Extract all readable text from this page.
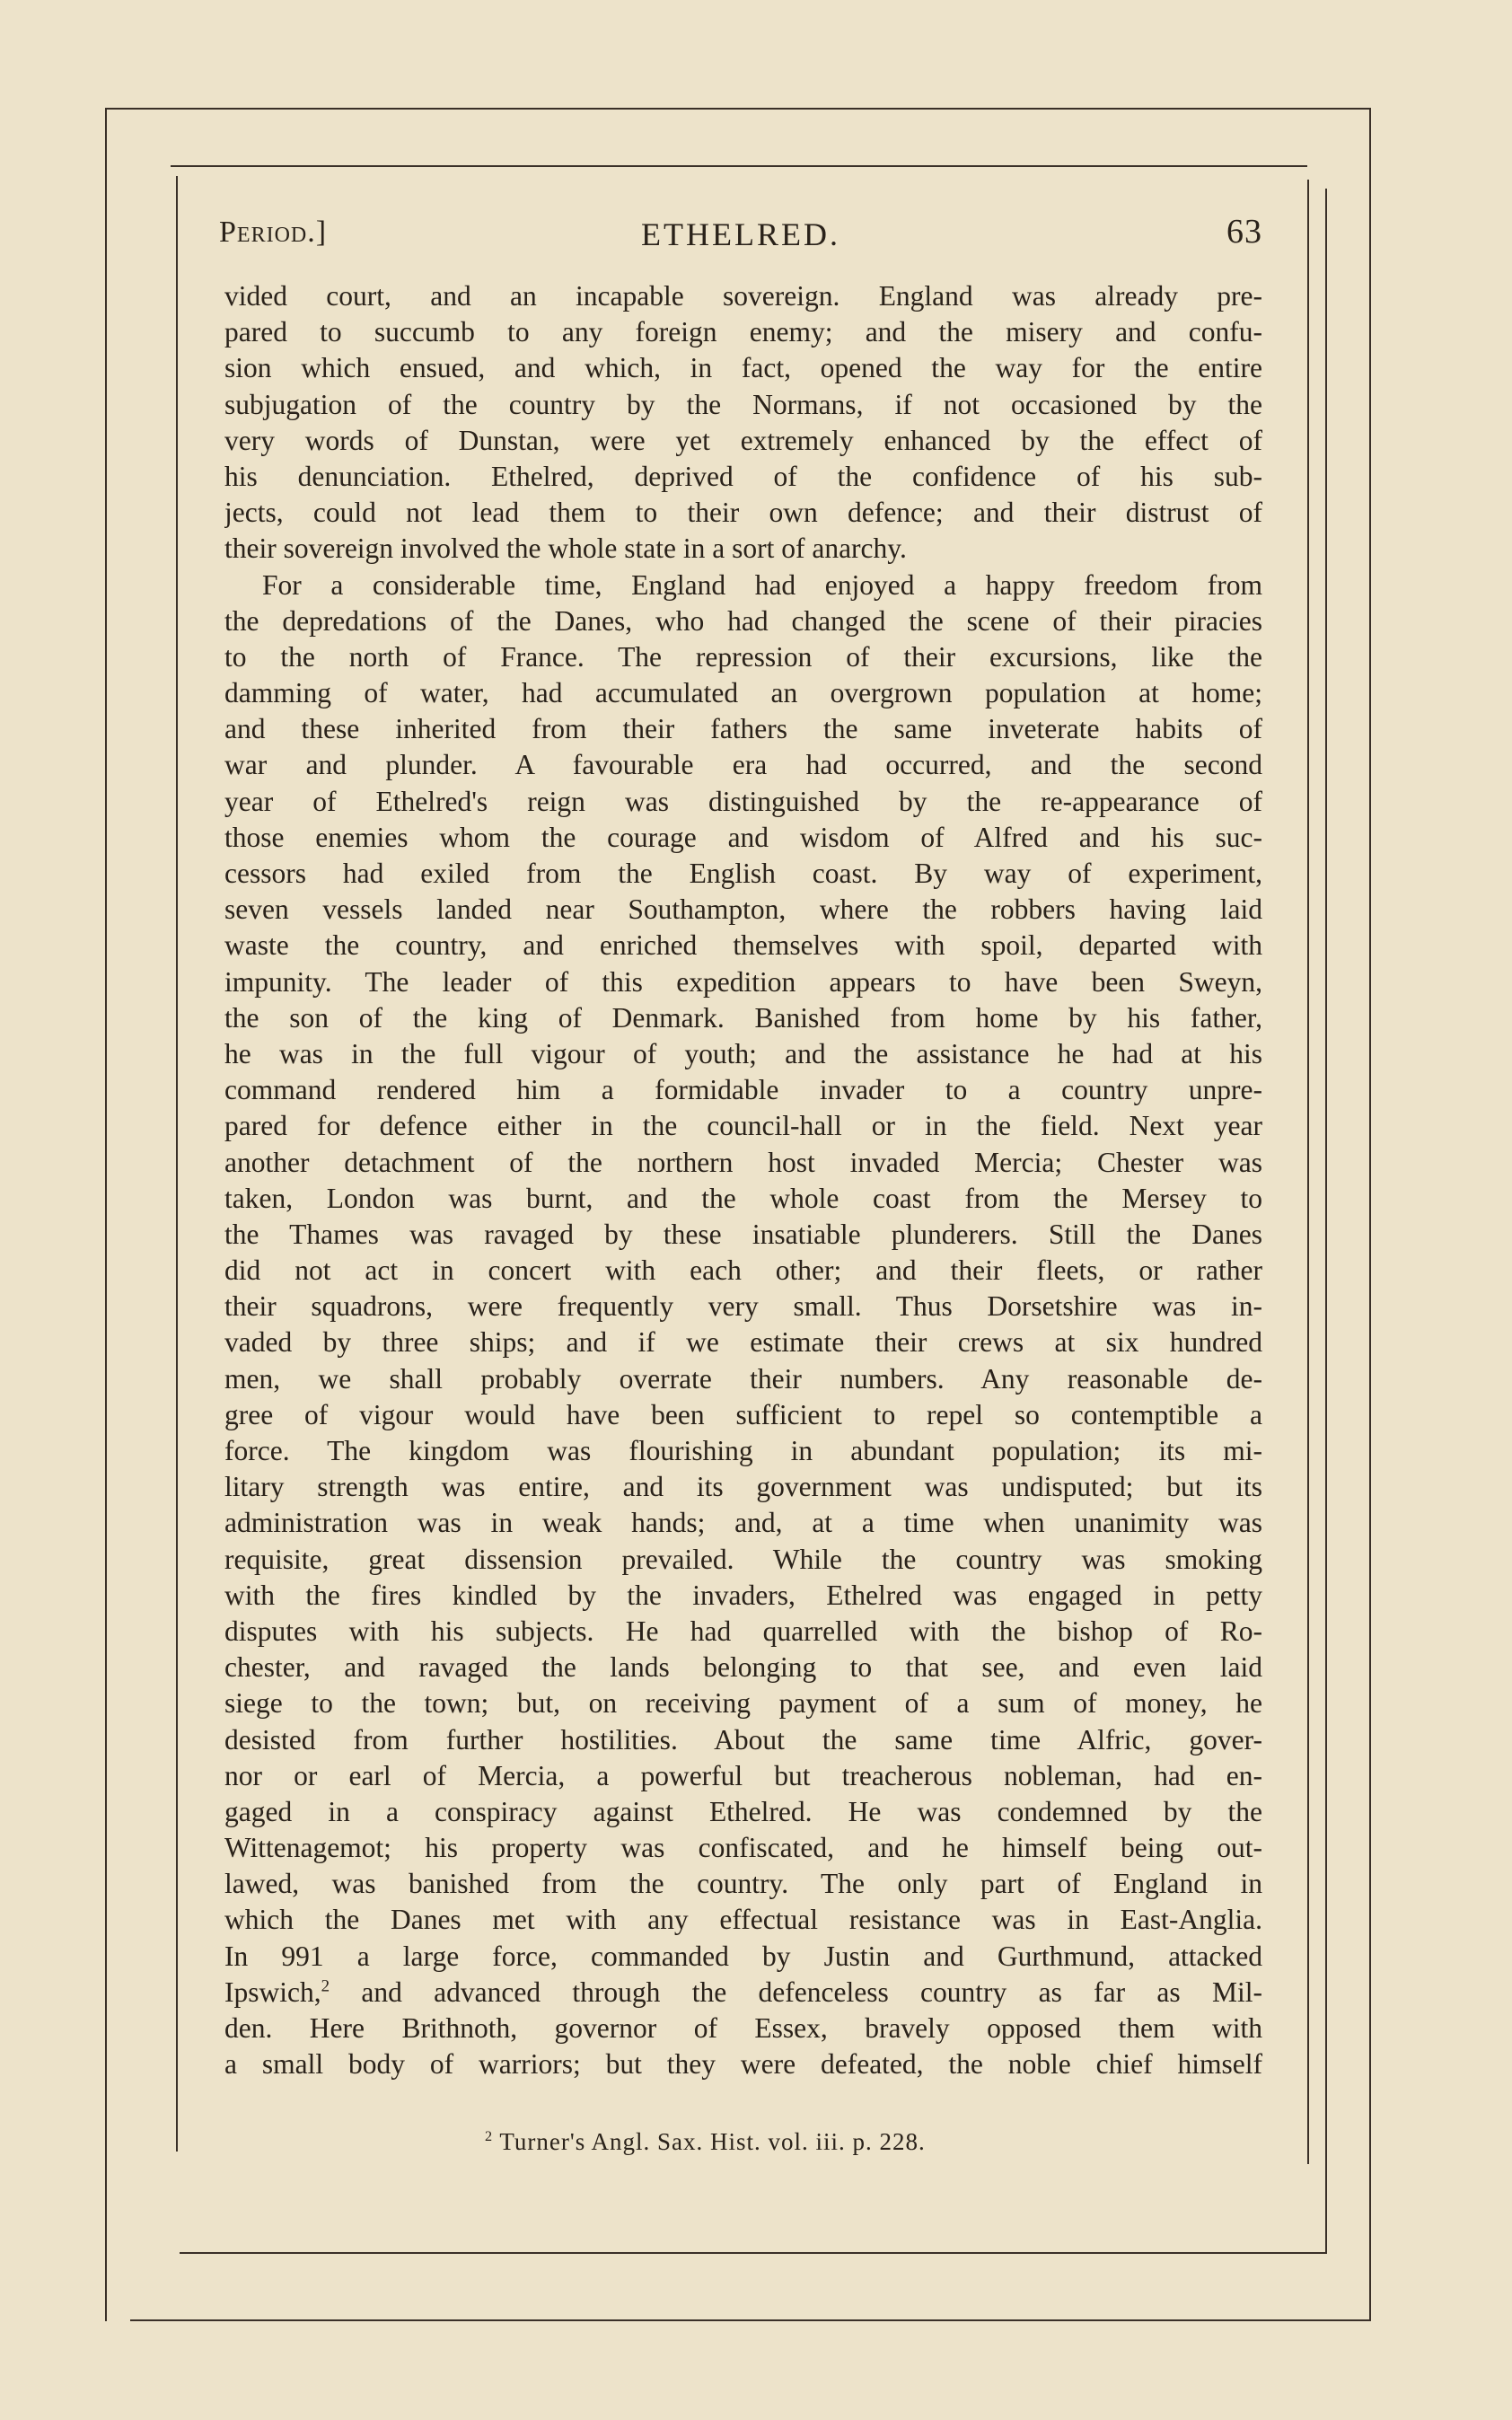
Period.]	ETHELRED.	63
vided court, and an incapable sovereign. England was already pre-
pared to succumb to any foreign enemy; and the misery and confu-
sion which ensued, and which, in fact, opened the way for the entire
subjugation of the country by the Normans, if not occasioned by the
very words of Dunstan, were yet extremely enhanced by the effect of
his denunciation. Ethelred, deprived of the confidence of his sub-
jects, could not lead them to their own defence; and their distrust of
their sovereign involved the whole state in a sort of anarchy.
For a considerable time, England had enjoyed a happy freedom from
the depredations of the Danes, who had changed the scene of their piracies
to the north of France. The repression of their excursions, like the
damming of water, had accumulated an overgrown population at home;
and these inherited from their fathers the same inveterate habits of
war and plunder. A favourable era had occurred, and the second
year of Ethelred's reign was distinguished by the re-appearance of
those enemies whom the courage and wisdom of Alfred and his suc-
cessors had exiled from the English coast. By way of experiment,
seven vessels landed near Southampton, where the robbers having laid
waste the country, and enriched themselves with spoil, departed with
impunity. The leader of this expedition appears to have been Sweyn,
the son of the king of Denmark. Banished from home by his father,
he was in the full vigour of youth; and the assistance he had at his
command rendered him a formidable invader to a country unpre-
pared for defence either in the council-hall or in the field. Next year
another detachment of the northern host invaded Mercia; Chester was
taken, London was burnt, and the whole coast from the Mersey to
the Thames was ravaged by these insatiable plunderers. Still the Danes
did not act in concert with each other; and their fleets, or rather
their squadrons, were frequently very small. Thus Dorsetshire was in-
vaded by three ships; and if we estimate their crews at six hundred
men, we shall probably overrate their numbers. Any reasonable de-
gree of vigour would have been sufficient to repel so contemptible a
force. The kingdom was flourishing in abundant population; its mi-
litary strength was entire, and its government was undisputed; but its
administration was in weak hands; and, at a time when unanimity was
requisite, great dissension prevailed. While the country was smoking
with the fires kindled by the invaders, Ethelred was engaged in petty
disputes with his subjects. He had quarrelled with the bishop of Ro-
chester, and ravaged the lands belonging to that see, and even laid
siege to the town; but, on receiving payment of a sum of money, he
desisted from further hostilities. About the same time Alfric, gover-
nor or earl of Mercia, a powerful but treacherous nobleman, had en-
gaged in a conspiracy against Ethelred. He was condemned by the
Wittenagemot; his property was confiscated, and he himself being out-
lawed, was banished from the country. The only part of England in
which the Danes met with any effectual resistance was in East-Anglia.
In 991 a large force, commanded by Justin and Gurthmund, attacked
Ipswich,$^2$ and advanced through the defenceless country as far as Mil-
den. Here Brithnoth, governor of Essex, bravely opposed them with
a small body of warriors; but they were defeated, the noble chief himself
$^2$ Turner's Angl. Sax. Hist. vol. iii. p. 228.
